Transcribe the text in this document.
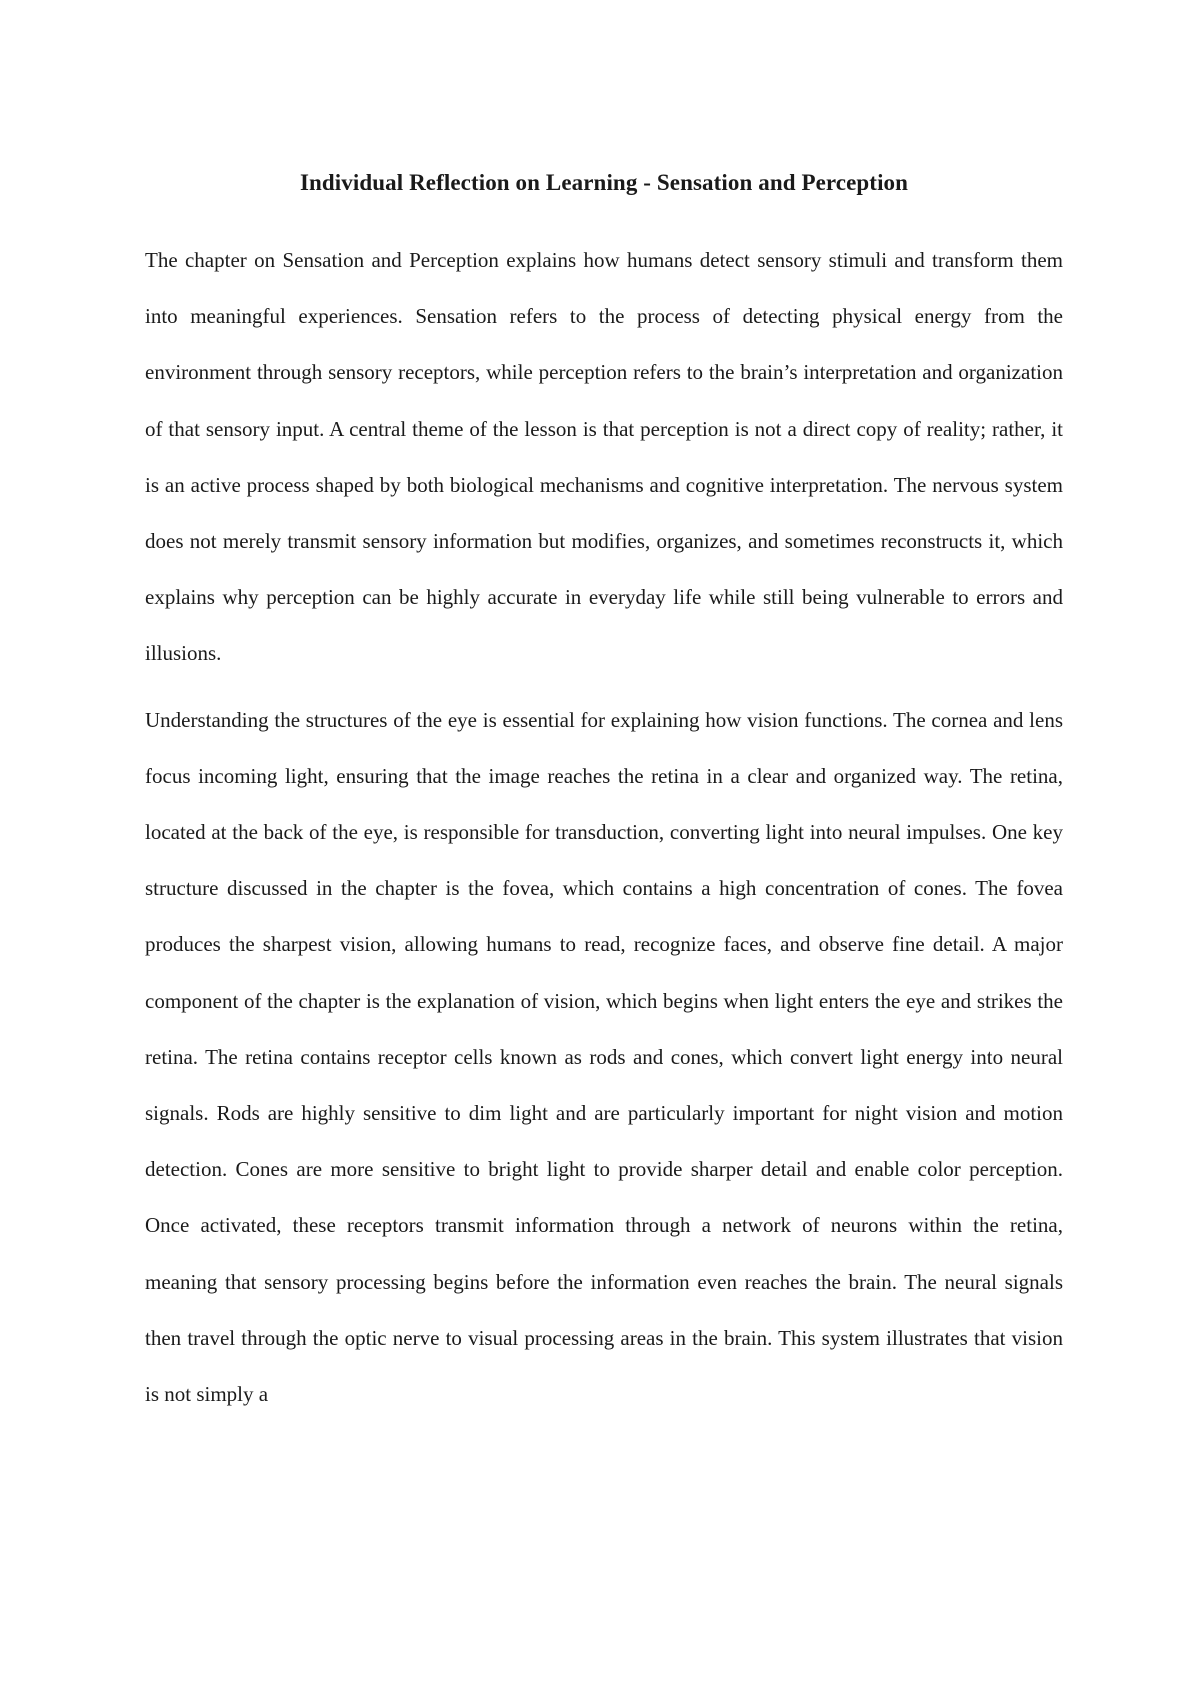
Individual Reflection on Learning - Sensation and Perception

The chapter on Sensation and Perception explains how humans detect sensory stimuli and transform them into meaningful experiences. Sensation refers to the process of detecting physical energy from the environment through sensory receptors, while perception refers to the brain’s interpretation and organization of that sensory input. A central theme of the lesson is that perception is not a direct copy of reality; rather, it is an active process shaped by both biological mechanisms and cognitive interpretation. The nervous system does not merely transmit sensory information but modifies, organizes, and sometimes reconstructs it, which explains why perception can be highly accurate in everyday life while still being vulnerable to errors and illusions.

Understanding the structures of the eye is essential for explaining how vision functions. The cornea and lens focus incoming light, ensuring that the image reaches the retina in a clear and organized way. The retina, located at the back of the eye, is responsible for transduction, converting light into neural impulses. One key structure discussed in the chapter is the fovea, which contains a high concentration of cones. The fovea produces the sharpest vision, allowing humans to read, recognize faces, and observe fine detail. A major component of the chapter is the explanation of vision, which begins when light enters the eye and strikes the retina. The retina contains receptor cells known as rods and cones, which convert light energy into neural signals. Rods are highly sensitive to dim light and are particularly important for night vision and motion detection. Cones are more sensitive to bright light to provide sharper detail and enable color perception. Once activated, these receptors transmit information through a network of neurons within the retina, meaning that sensory processing begins before the information even reaches the brain. The neural signals then travel through the optic nerve to visual processing areas in the brain. This system illustrates that vision is not simply a
